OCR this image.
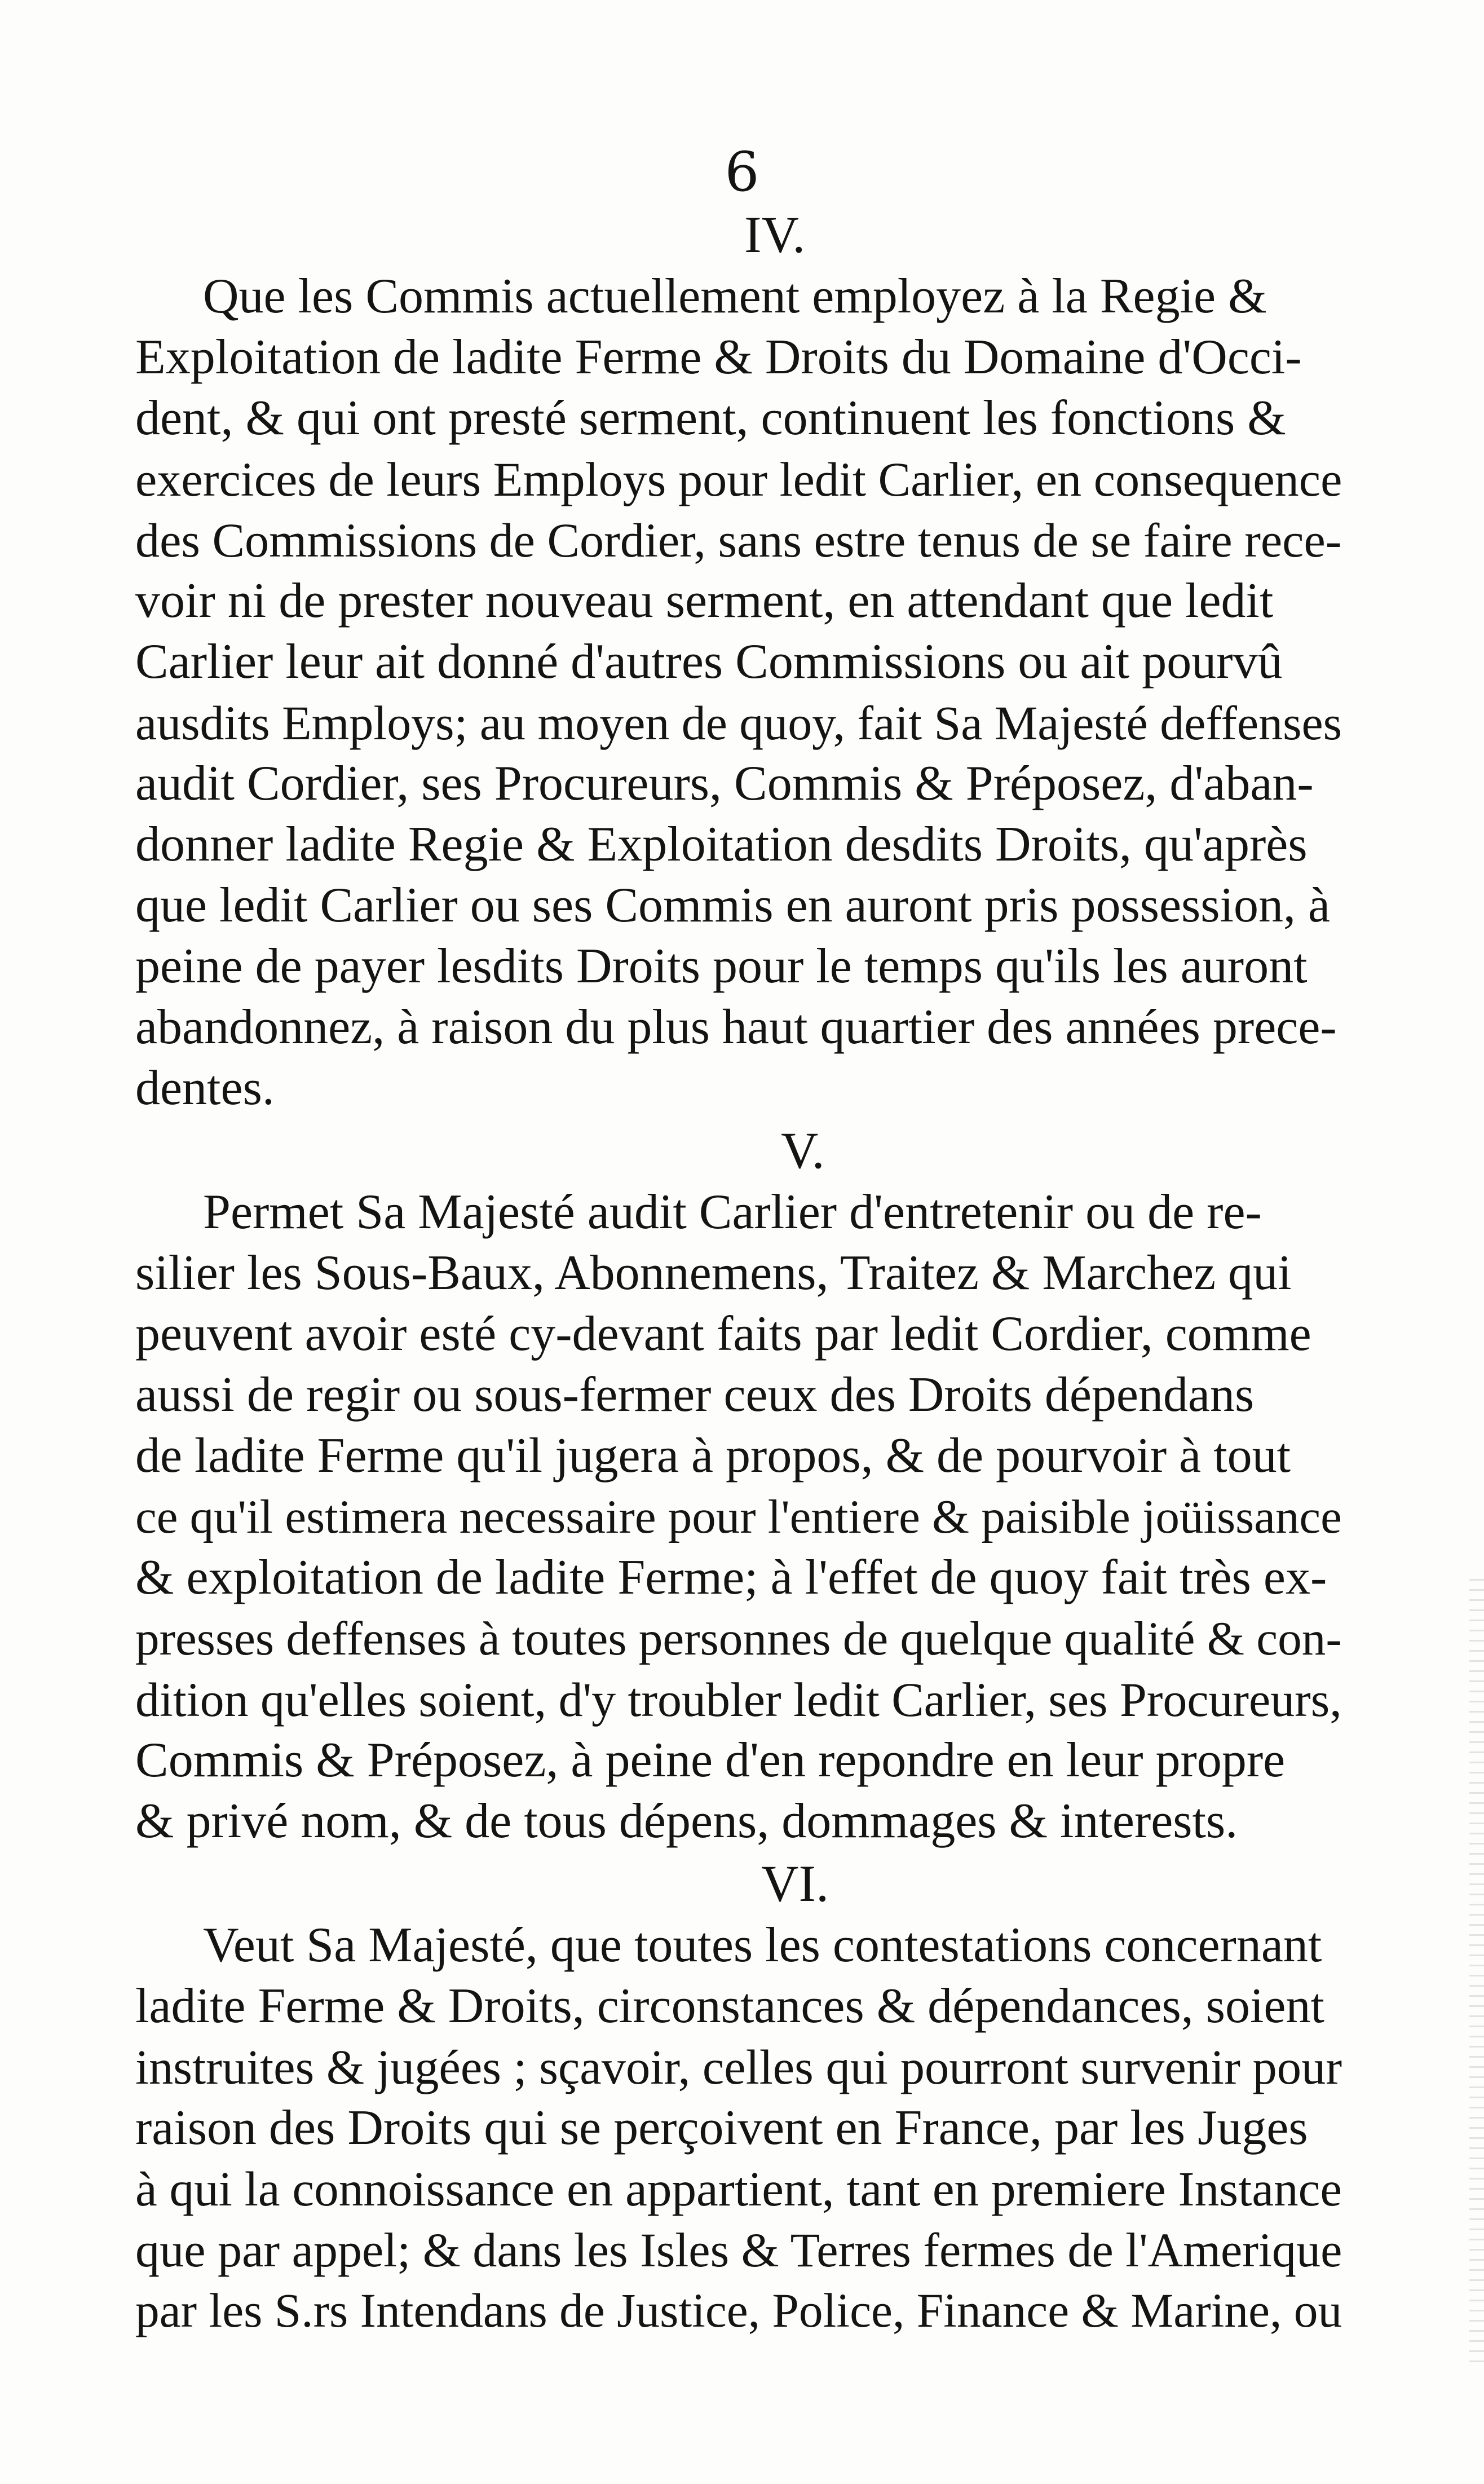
6
IV.
Que les Commis actuellement employez à la Regie &
Exploitation de ladite Ferme & Droits du Domaine d'Occi-
dent, & qui ont presté serment, continuent les fonctions &
exercices de leurs Employs pour ledit Carlier, en consequence
des Commissions de Cordier, sans estre tenus de se faire rece-
voir ni de prester nouveau serment, en attendant que ledit
Carlier leur ait donné d'autres Commissions ou ait pourvû
ausdits Employs; au moyen de quoy, fait Sa Majesté deffenses
audit Cordier, ses Procureurs, Commis & Préposez, d'aban-
donner ladite Regie & Exploitation desdits Droits, qu'après
que ledit Carlier ou ses Commis en auront pris possession, à
peine de payer lesdits Droits pour le temps qu'ils les auront
abandonnez, à raison du plus haut quartier des années prece-
dentes.
V.
Permet Sa Majesté audit Carlier d'entretenir ou de re-
silier les Sous-Baux, Abonnemens, Traitez & Marchez qui
peuvent avoir esté cy-devant faits par ledit Cordier, comme
aussi de regir ou sous-fermer ceux des Droits dépendans
de ladite Ferme qu'il jugera à propos, & de pourvoir à tout
ce qu'il estimera necessaire pour l'entiere & paisible joüissance
& exploitation de ladite Ferme; à l'effet de quoy fait très ex-
presses deffenses à toutes personnes de quelque qualité & con-
dition qu'elles soient, d'y troubler ledit Carlier, ses Procureurs,
Commis & Préposez, à peine d'en repondre en leur propre
& privé nom, & de tous dépens, dommages & interests.
VI.
Veut Sa Majesté, que toutes les contestations concernant
ladite Ferme & Droits, circonstances & dépendances, soient
instruites & jugées ; sçavoir, celles qui pourront survenir pour
raison des Droits qui se perçoivent en France, par les Juges
à qui la connoissance en appartient, tant en premiere Instance
que par appel; & dans les Isles & Terres fermes de l'Amerique
par les S.rs Intendans de Justice, Police, Finance & Marine, ou
